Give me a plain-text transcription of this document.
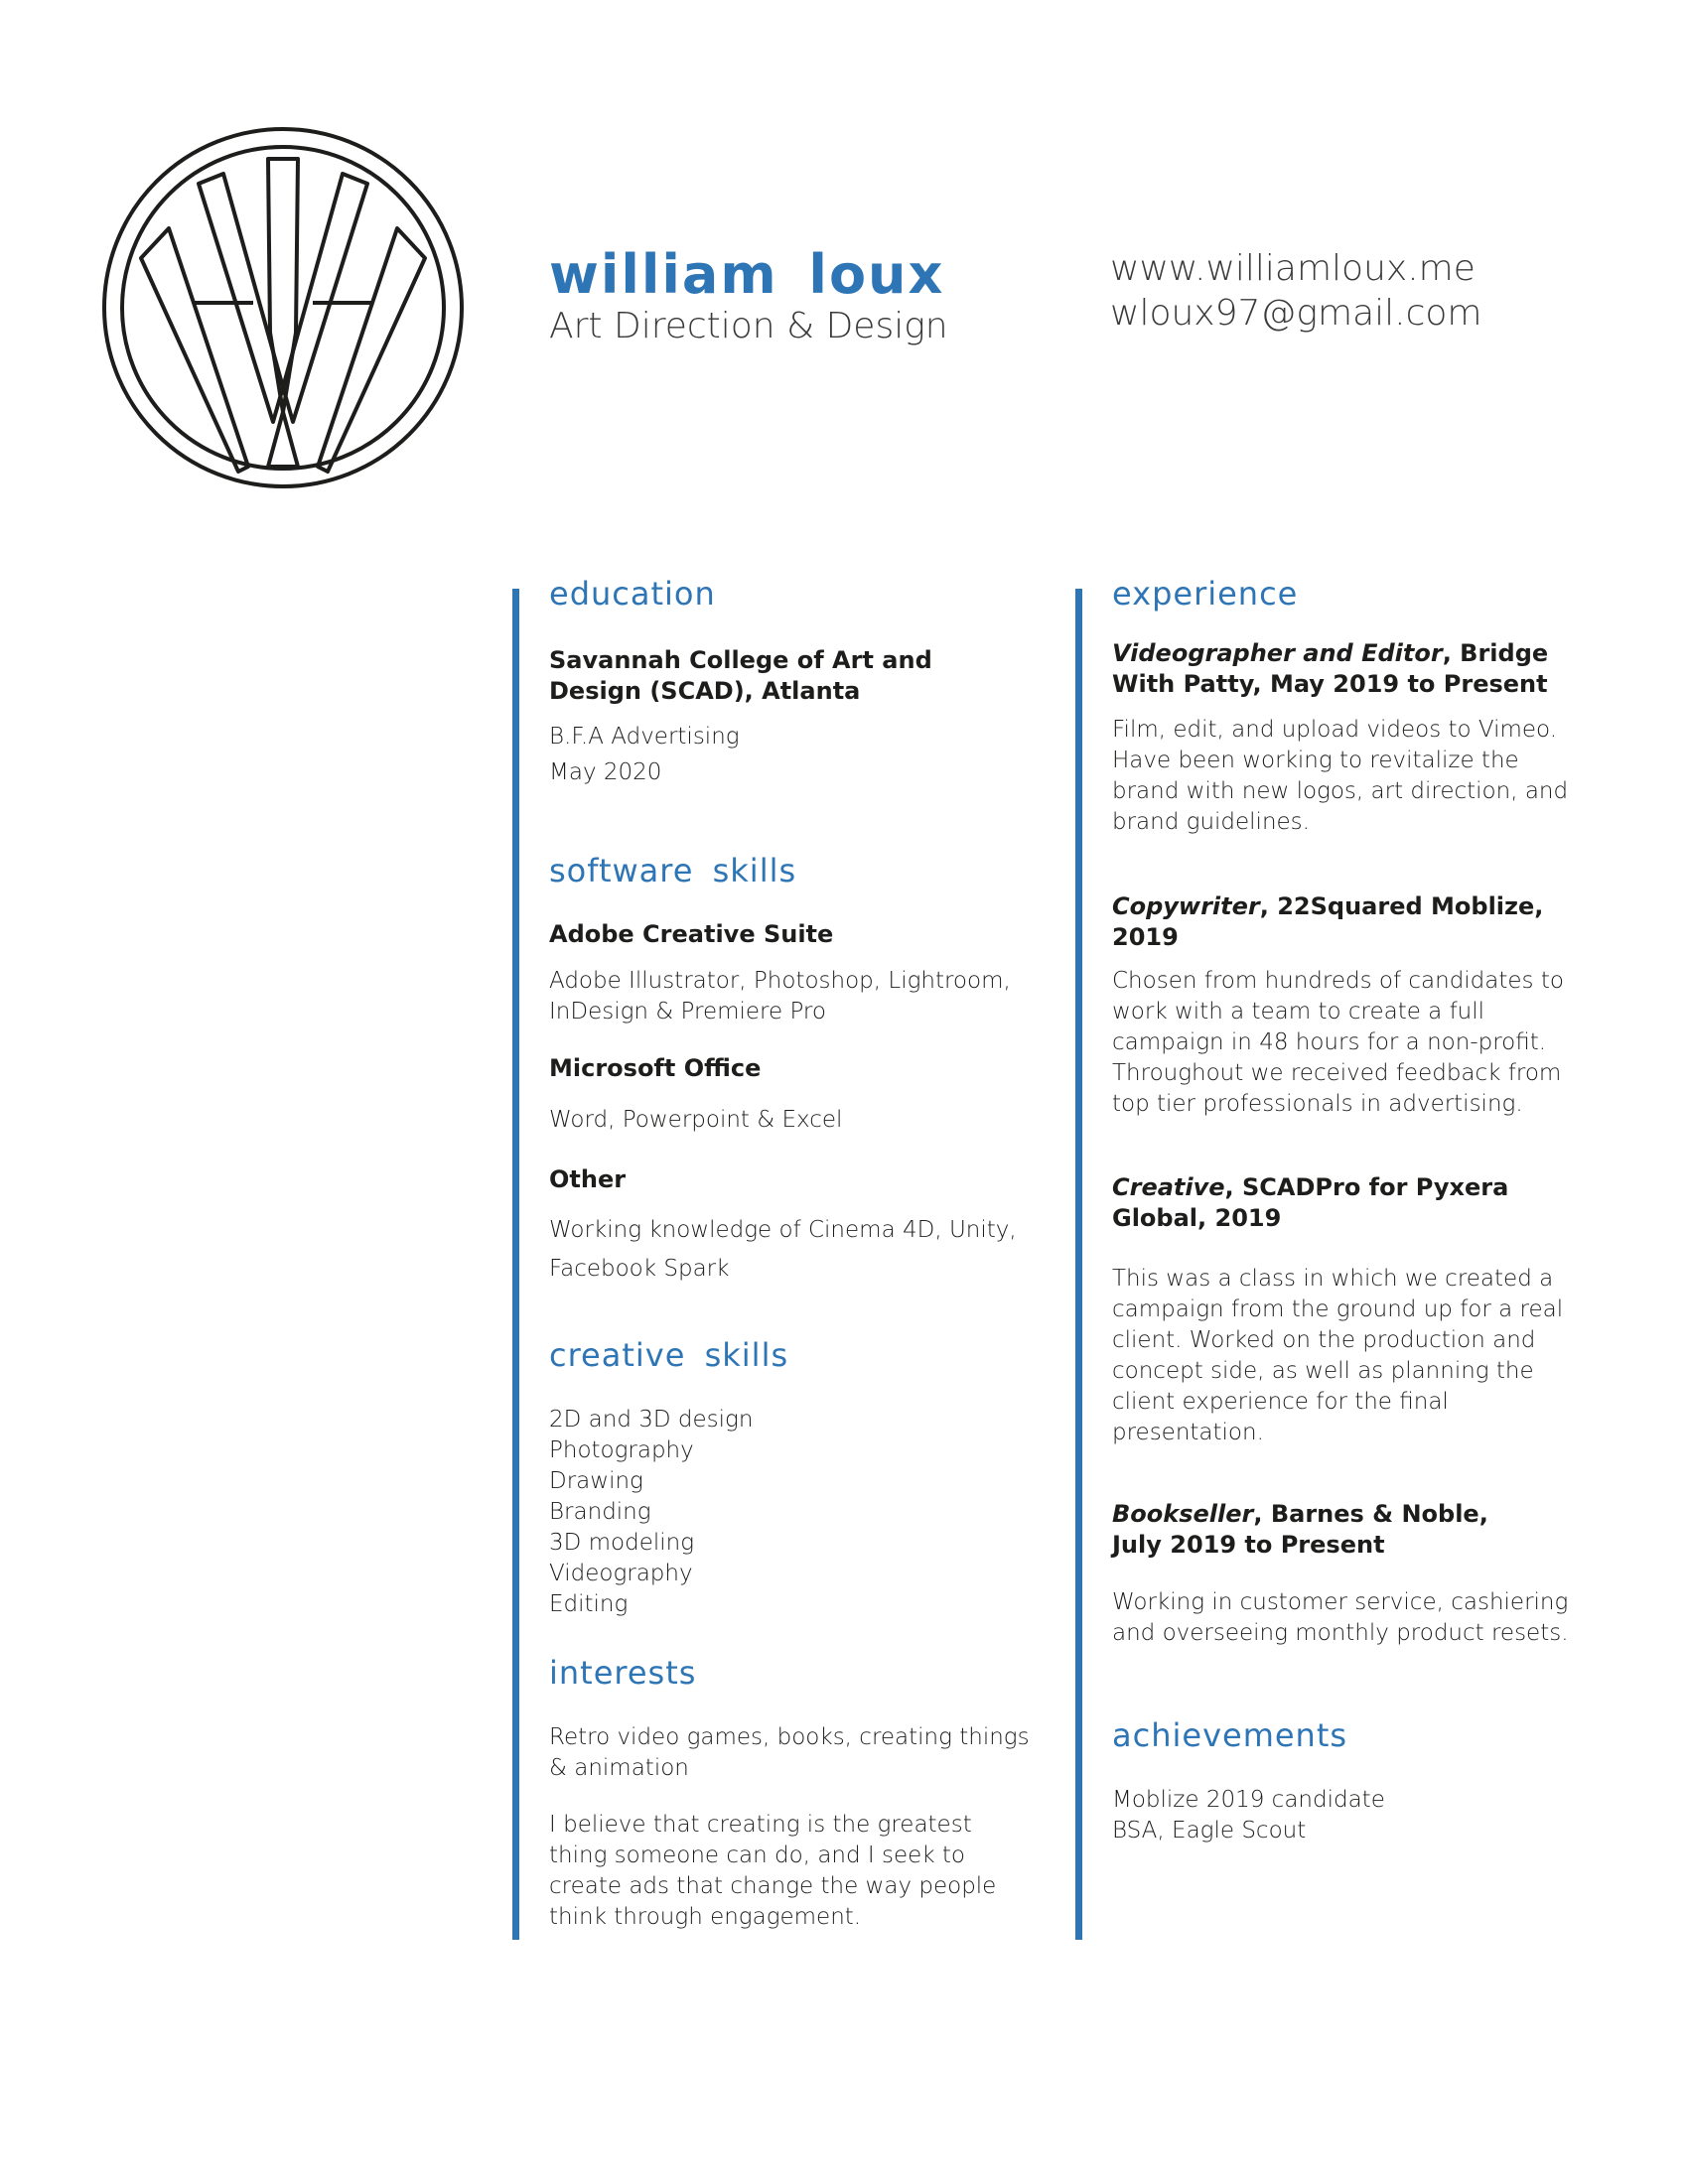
william loux

Art Direction & Design

www.williamloux.me
wloux97@gmail.com
education

Savannah College of Art and Design (SCAD), Atlanta

B.F.A Advertising

May 2020

software skills

Adobe Creative Suite

Adobe Illustrator, Photoshop, Lightroom, InDesign & Premiere Pro

Microsoft Office

Word, Powerpoint & Excel

Other

Working knowledge of Cinema 4D, Unity, Facebook Spark

creative skills
2D and 3D design
Photography
Drawing
Branding
3D modeling
Videography
Editing
interests

Retro video games, books, creating things & animation

I believe that creating is the greatest thing someone can do, and I seek to create ads that change the way people think through engagement.

experience

Videographer and Editor, Bridge With Patty, May 2019 to Present

Film, edit, and upload videos to Vimeo. Have been working to revitalize the brand with new logos, art direction, and brand guidelines.

Copywriter, 22Squared Moblize, 2019

Chosen from hundreds of candidates to work with a team to create a full campaign in 48 hours for a non-profit. Throughout we received feedback from top tier professionals in advertising.

Creative, SCADPro for Pyxera Global, 2019

This was a class in which we created a campaign from the ground up for a real client. Worked on the production and concept side, as well as planning the client experience for the final presentation.

Bookseller, Barnes & Noble, July 2019 to Present

Working in customer service, cashiering and overseeing monthly product resets.

achievements
Moblize 2019 candidate
BSA, Eagle Scout
